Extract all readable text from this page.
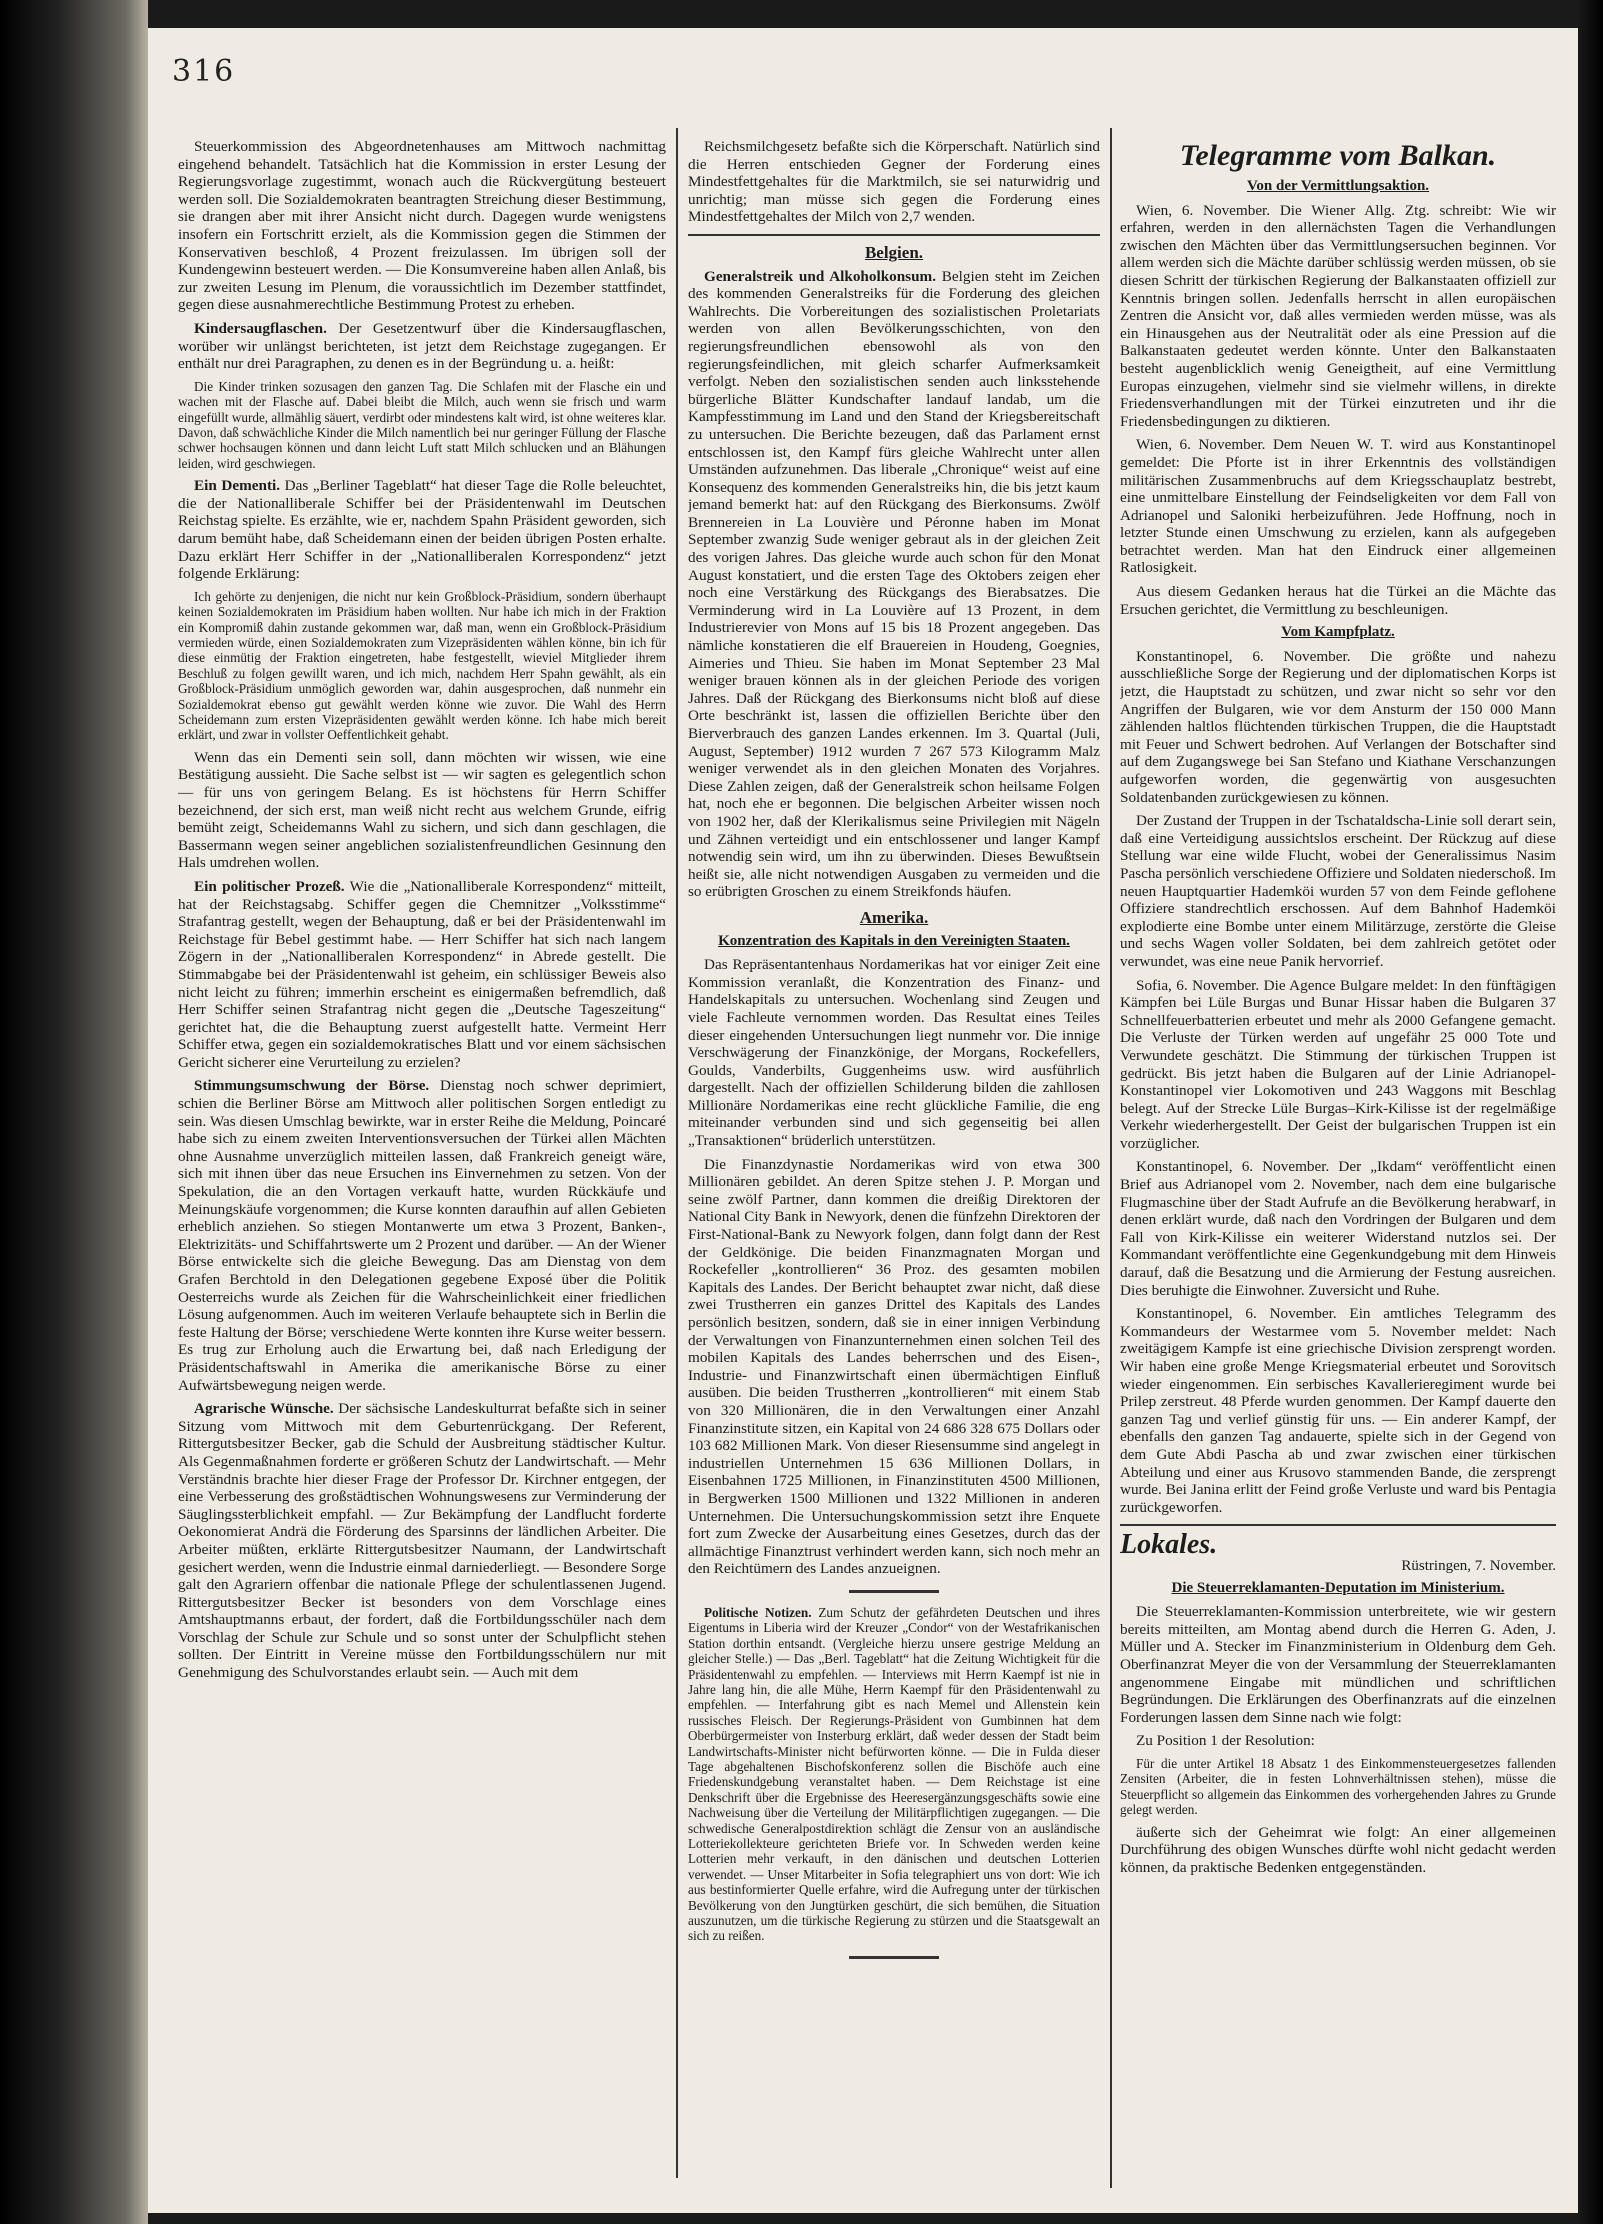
316

Steuerkommission des Abgeordnetenhauses am Mittwoch nachmittag eingehend behandelt. Tatsächlich hat die Kommission in erster Lesung der Regierungsvorlage zugestimmt, wonach auch die Rückvergütung besteuert werden soll. Die Sozialdemokraten beantragten Streichung dieser Bestimmung, sie drangen aber mit ihrer Ansicht nicht durch. Dagegen wurde wenigstens insofern ein Fortschritt erzielt, als die Kommission gegen die Stimmen der Konservativen beschloß, 4 Prozent freizulassen. Im übrigen soll der Kundengewinn besteuert werden. — Die Konsumvereine haben allen Anlaß, bis zur zweiten Lesung im Plenum, die voraussichtlich im Dezember stattfindet, gegen diese ausnahmerechtliche Bestimmung Protest zu erheben.

Kindersaugflaschen. Der Gesetzentwurf über die Kindersaugflaschen, worüber wir unlängst berichteten, ist jetzt dem Reichstage zugegangen. Er enthält nur drei Paragraphen, zu denen es in der Begründung u. a. heißt:

Die Kinder trinken sozusagen den ganzen Tag. Die Schlafen mit der Flasche ein und wachen mit der Flasche auf. Dabei bleibt die Milch, auch wenn sie frisch und warm eingefüllt wurde, allmählig säuert, verdirbt oder mindestens kalt wird, ist ohne weiteres klar. Davon, daß schwächliche Kinder die Milch namentlich bei nur geringer Füllung der Flasche schwer hochsaugen können und dann leicht Luft statt Milch schlucken und an Blähungen leiden, wird geschwiegen.

Ein Dementi. Das „Berliner Tageblatt“ hat dieser Tage die Rolle beleuchtet, die der Nationalliberale Schiffer bei der Präsidentenwahl im Deutschen Reichstag spielte. Es erzählte, wie er, nachdem Spahn Präsident geworden, sich darum bemüht habe, daß Scheidemann einen der beiden übrigen Posten erhalte. Dazu erklärt Herr Schiffer in der „Nationalliberalen Korrespondenz“ jetzt folgende Erklärung:

Ich gehörte zu denjenigen, die nicht nur kein Großblock-Präsidium, sondern überhaupt keinen Sozialdemokraten im Präsidium haben wollten. Nur habe ich mich in der Fraktion ein Kompromiß dahin zustande gekommen war, daß man, wenn ein Großblock-Präsidium vermieden würde, einen Sozialdemokraten zum Vizepräsidenten wählen könne, bin ich für diese einmütig der Fraktion eingetreten, habe festgestellt, wieviel Mitglieder ihrem Beschluß zu folgen gewillt waren, und ich mich, nachdem Herr Spahn gewählt, als ein Großblock-Präsidium unmöglich geworden war, dahin ausgesprochen, daß nunmehr ein Sozialdemokrat ebenso gut gewählt werden könne wie zuvor. Die Wahl des Herrn Scheidemann zum ersten Vizepräsidenten gewählt werden könne. Ich habe mich bereit erklärt, und zwar in vollster Oeffentlichkeit gehabt.

Wenn das ein Dementi sein soll, dann möchten wir wissen, wie eine Bestätigung aussieht. Die Sache selbst ist — wir sagten es gelegentlich schon — für uns von geringem Belang. Es ist höchstens für Herrn Schiffer bezeichnend, der sich erst, man weiß nicht recht aus welchem Grunde, eifrig bemüht zeigt, Scheidemanns Wahl zu sichern, und sich dann geschlagen, die Bassermann wegen seiner angeblichen sozialistenfreundlichen Gesinnung den Hals umdrehen wollen.

Ein politischer Prozeß. Wie die „Nationalliberale Korrespondenz“ mitteilt, hat der Reichstagsabg. Schiffer gegen die Chemnitzer „Volksstimme“ Strafantrag gestellt, wegen der Behauptung, daß er bei der Präsidentenwahl im Reichstage für Bebel gestimmt habe. — Herr Schiffer hat sich nach langem Zögern in der „Nationalliberalen Korrespondenz“ in Abrede gestellt. Die Stimmabgabe bei der Präsidentenwahl ist geheim, ein schlüssiger Beweis also nicht leicht zu führen; immerhin erscheint es einigermaßen befremdlich, daß Herr Schiffer seinen Strafantrag nicht gegen die „Deutsche Tageszeitung“ gerichtet hat, die die Behauptung zuerst aufgestellt hatte. Vermeint Herr Schiffer etwa, gegen ein sozialdemokratisches Blatt und vor einem sächsischen Gericht sicherer eine Verurteilung zu erzielen?

Stimmungsumschwung der Börse. Dienstag noch schwer deprimiert, schien die Berliner Börse am Mittwoch aller politischen Sorgen entledigt zu sein. Was diesen Umschlag bewirkte, war in erster Reihe die Meldung, Poincaré habe sich zu einem zweiten Interventionsversuchen der Türkei allen Mächten ohne Ausnahme unverzüglich mitteilen lassen, daß Frankreich geneigt wäre, sich mit ihnen über das neue Ersuchen ins Einvernehmen zu setzen. Von der Spekulation, die an den Vortagen verkauft hatte, wurden Rückkäufe und Meinungskäufe vorgenommen; die Kurse konnten daraufhin auf allen Gebieten erheblich anziehen. So stiegen Montanwerte um etwa 3 Prozent, Banken-, Elektrizitäts- und Schiffahrtswerte um 2 Prozent und darüber. — An der Wiener Börse entwickelte sich die gleiche Bewegung. Das am Dienstag von dem Grafen Berchtold in den Delegationen gegebene Exposé über die Politik Oesterreichs wurde als Zeichen für die Wahrscheinlichkeit einer friedlichen Lösung aufgenommen. Auch im weiteren Verlaufe behauptete sich in Berlin die feste Haltung der Börse; verschiedene Werte konnten ihre Kurse weiter bessern. Es trug zur Erholung auch die Erwartung bei, daß nach Erledigung der Präsidentschaftswahl in Amerika die amerikanische Börse zu einer Aufwärtsbewegung neigen werde.

Agrarische Wünsche. Der sächsische Landeskulturrat befaßte sich in seiner Sitzung vom Mittwoch mit dem Geburtenrückgang. Der Referent, Rittergutsbesitzer Becker, gab die Schuld der Ausbreitung städtischer Kultur. Als Gegenmaßnahmen forderte er größeren Schutz der Landwirtschaft. — Mehr Verständnis brachte hier dieser Frage der Professor Dr. Kirchner entgegen, der eine Verbesserung des großstädtischen Wohnungswesens zur Verminderung der Säuglingssterblichkeit empfahl. — Zur Bekämpfung der Landflucht forderte Oekonomierat Andrä die Förderung des Sparsinns der ländlichen Arbeiter. Die Arbeiter müßten, erklärte Rittergutsbesitzer Naumann, der Landwirtschaft gesichert werden, wenn die Industrie einmal darniederliegt. — Besondere Sorge galt den Agrariern offenbar die nationale Pflege der schulentlassenen Jugend. Rittergutsbesitzer Becker ist besonders von dem Vorschlage eines Amtshauptmanns erbaut, der fordert, daß die Fortbildungsschüler nach dem Vorschlag der Schule zur Schule und so sonst unter der Schulpflicht stehen sollten. Der Eintritt in Vereine müsse den Fortbildungsschülern nur mit Genehmigung des Schulvorstandes erlaubt sein. — Auch mit dem

Reichsmilchgesetz befaßte sich die Körperschaft. Natürlich sind die Herren entschieden Gegner der Forderung eines Mindestfettgehaltes für die Marktmilch, sie sei naturwidrig und unrichtig; man müsse sich gegen die Forderung eines Mindestfettgehaltes der Milch von 2,7 wenden.

Belgien.

Generalstreik und Alkoholkonsum. Belgien steht im Zeichen des kommenden Generalstreiks für die Forderung des gleichen Wahlrechts. Die Vorbereitungen des sozialistischen Proletariats werden von allen Bevölkerungsschichten, von den regierungsfreundlichen ebensowohl als von den regierungsfeindlichen, mit gleich scharfer Aufmerksamkeit verfolgt. Neben den sozialistischen senden auch linksstehende bürgerliche Blätter Kundschafter landauf landab, um die Kampfesstimmung im Land und den Stand der Kriegsbereitschaft zu untersuchen. Die Berichte bezeugen, daß das Parlament ernst entschlossen ist, den Kampf fürs gleiche Wahlrecht unter allen Umständen aufzunehmen. Das liberale „Chronique“ weist auf eine Konsequenz des kommenden Generalstreiks hin, die bis jetzt kaum jemand bemerkt hat: auf den Rückgang des Bierkonsums. Zwölf Brennereien in La Louvière und Péronne haben im Monat September zwanzig Sude weniger gebraut als in der gleichen Zeit des vorigen Jahres. Das gleiche wurde auch schon für den Monat August konstatiert, und die ersten Tage des Oktobers zeigen eher noch eine Verstärkung des Rückgangs des Bierabsatzes. Die Verminderung wird in La Louvière auf 13 Prozent, in dem Industrierevier von Mons auf 15 bis 18 Prozent angegeben. Das nämliche konstatieren die elf Brauereien in Houdeng, Goegnies, Aimeries und Thieu. Sie haben im Monat September 23 Mal weniger brauen können als in der gleichen Periode des vorigen Jahres. Daß der Rückgang des Bierkonsums nicht bloß auf diese Orte beschränkt ist, lassen die offiziellen Berichte über den Bierverbrauch des ganzen Landes erkennen. Im 3. Quartal (Juli, August, September) 1912 wurden 7 267 573 Kilogramm Malz weniger verwendet als in den gleichen Monaten des Vorjahres. Diese Zahlen zeigen, daß der Generalstreik schon heilsame Folgen hat, noch ehe er begonnen. Die belgischen Arbeiter wissen noch von 1902 her, daß der Klerikalismus seine Privilegien mit Nägeln und Zähnen verteidigt und ein entschlossener und langer Kampf notwendig sein wird, um ihn zu überwinden. Dieses Bewußtsein heißt sie, alle nicht notwendigen Ausgaben zu vermeiden und die so erübrigten Groschen zu einem Streikfonds häufen.

Amerika.
Konzentration des Kapitals in den Vereinigten Staaten.

Das Repräsentantenhaus Nordamerikas hat vor einiger Zeit eine Kommission veranlaßt, die Konzentration des Finanz- und Handelskapitals zu untersuchen. Wochenlang sind Zeugen und viele Fachleute vernommen worden. Das Resultat eines Teiles dieser eingehenden Untersuchungen liegt nunmehr vor. Die innige Verschwägerung der Finanzkönige, der Morgans, Rockefellers, Goulds, Vanderbilts, Guggenheims usw. wird ausführlich dargestellt. Nach der offiziellen Schilderung bilden die zahllosen Millionäre Nordamerikas eine recht glückliche Familie, die eng miteinander verbunden sind und sich gegenseitig bei allen „Transaktionen“ brüderlich unterstützen.

Die Finanzdynastie Nordamerikas wird von etwa 300 Millionären gebildet. An deren Spitze stehen J. P. Morgan und seine zwölf Partner, dann kommen die dreißig Direktoren der National City Bank in Newyork, denen die fünfzehn Direktoren der First-National-Bank zu Newyork folgen, dann folgt dann der Rest der Geldkönige. Die beiden Finanzmagnaten Morgan und Rockefeller „kontrollieren“ 36 Proz. des gesamten mobilen Kapitals des Landes. Der Bericht behauptet zwar nicht, daß diese zwei Trustherren ein ganzes Drittel des Kapitals des Landes persönlich besitzen, sondern, daß sie in einer innigen Verbindung der Verwaltungen von Finanzunternehmen einen solchen Teil des mobilen Kapitals des Landes beherrschen und des Eisen-, Industrie- und Finanzwirtschaft einen übermächtigen Einfluß ausüben. Die beiden Trustherren „kontrollieren“ mit einem Stab von 320 Millionären, die in den Verwaltungen einer Anzahl Finanzinstitute sitzen, ein Kapital von 24 686 328 675 Dollars oder 103 682 Millionen Mark. Von dieser Riesensumme sind angelegt in industriellen Unternehmen 15 636 Millionen Dollars, in Eisenbahnen 1725 Millionen, in Finanzinstituten 4500 Millionen, in Bergwerken 1500 Millionen und 1322 Millionen in anderen Unternehmen. Die Untersuchungskommission setzt ihre Enquete fort zum Zwecke der Ausarbeitung eines Gesetzes, durch das der allmächtige Finanztrust verhindert werden kann, sich noch mehr an den Reichtümern des Landes anzueignen.

Politische Notizen. Zum Schutz der gefährdeten Deutschen und ihres Eigentums in Liberia wird der Kreuzer „Condor“ von der Westafrikanischen Station dorthin entsandt. (Vergleiche hierzu unsere gestrige Meldung an gleicher Stelle.) — Das „Berl. Tageblatt“ hat die Zeitung Wichtigkeit für die Präsidentenwahl zu empfehlen. — Interviews mit Herrn Kaempf ist nie in Jahre lang hin, die alle Mühe, Herrn Kaempf für den Präsidentenwahl zu empfehlen. — Interfahrung gibt es nach Memel und Allenstein kein russisches Fleisch. Der Regierungs-Präsident von Gumbinnen hat dem Oberbürgermeister von Insterburg erklärt, daß weder dessen der Stadt beim Landwirtschafts-Minister nicht befürworten könne. — Die in Fulda dieser Tage abgehaltenen Bischofskonferenz sollen die Bischöfe auch eine Friedenskundgebung veranstaltet haben. — Dem Reichstage ist eine Denkschrift über die Ergebnisse des Heeresergänzungsgeschäfts sowie eine Nachweisung über die Verteilung der Militärpflichtigen zugegangen. — Die schwedische Generalpostdirektion schlägt die Zensur von an ausländische Lotteriekollekteure gerichteten Briefe vor. In Schweden werden keine Lotterien mehr verkauft, in den dänischen und deutschen Lotterien verwendet. — Unser Mitarbeiter in Sofia telegraphiert uns von dort: Wie ich aus bestinformierter Quelle erfahre, wird die Aufregung unter der türkischen Bevölkerung von den Jungtürken geschürt, die sich bemühen, die Situation auszunutzen, um die türkische Regierung zu stürzen und die Staatsgewalt an sich zu reißen.

Telegramme vom Balkan.
Von der Vermittlungsaktion.

Wien, 6. November. Die Wiener Allg. Ztg. schreibt: Wie wir erfahren, werden in den allernächsten Tagen die Verhandlungen zwischen den Mächten über das Vermittlungsersuchen beginnen. Vor allem werden sich die Mächte darüber schlüssig werden müssen, ob sie diesen Schritt der türkischen Regierung der Balkanstaaten offiziell zur Kenntnis bringen sollen. Jedenfalls herrscht in allen europäischen Zentren die Ansicht vor, daß alles vermieden werden müsse, was als ein Hinausgehen aus der Neutralität oder als eine Pression auf die Balkanstaaten gedeutet werden könnte. Unter den Balkanstaaten besteht augenblicklich wenig Geneigtheit, auf eine Vermittlung Europas einzugehen, vielmehr sind sie vielmehr willens, in direkte Friedensverhandlungen mit der Türkei einzutreten und ihr die Friedensbedingungen zu diktieren.

Wien, 6. November. Dem Neuen W. T. wird aus Konstantinopel gemeldet: Die Pforte ist in ihrer Erkenntnis des vollständigen militärischen Zusammenbruchs auf dem Kriegsschauplatz bestrebt, eine unmittelbare Einstellung der Feindseligkeiten vor dem Fall von Adrianopel und Saloniki herbeizuführen. Jede Hoffnung, noch in letzter Stunde einen Umschwung zu erzielen, kann als aufgegeben betrachtet werden. Man hat den Eindruck einer allgemeinen Ratlosigkeit.

Aus diesem Gedanken heraus hat die Türkei an die Mächte das Ersuchen gerichtet, die Vermittlung zu beschleunigen.

Vom Kampfplatz.

Konstantinopel, 6. November. Die größte und nahezu ausschließliche Sorge der Regierung und der diplomatischen Korps ist jetzt, die Hauptstadt zu schützen, und zwar nicht so sehr vor den Angriffen der Bulgaren, wie vor dem Ansturm der 150 000 Mann zählenden haltlos flüchtenden türkischen Truppen, die die Hauptstadt mit Feuer und Schwert bedrohen. Auf Verlangen der Botschafter sind auf dem Zugangswege bei San Stefano und Kiathane Verschanzungen aufgeworfen worden, die gegenwärtig von ausgesuchten Soldatenbanden zurückgewiesen zu können.

Der Zustand der Truppen in der Tschataldscha-Linie soll derart sein, daß eine Verteidigung aussichtslos erscheint. Der Rückzug auf diese Stellung war eine wilde Flucht, wobei der Generalissimus Nasim Pascha persönlich verschiedene Offiziere und Soldaten niederschoß. Im neuen Hauptquartier Hademköi wurden 57 von dem Feinde geflohene Offiziere standrechtlich erschossen. Auf dem Bahnhof Hademköi explodierte eine Bombe unter einem Militärzuge, zerstörte die Gleise und sechs Wagen voller Soldaten, bei dem zahlreich getötet oder verwundet, was eine neue Panik hervorrief.

Sofia, 6. November. Die Agence Bulgare meldet: In den fünftägigen Kämpfen bei Lüle Burgas und Bunar Hissar haben die Bulgaren 37 Schnellfeuerbatterien erbeutet und mehr als 2000 Gefangene gemacht. Die Verluste der Türken werden auf ungefähr 25 000 Tote und Verwundete geschätzt. Die Stimmung der türkischen Truppen ist gedrückt. Bis jetzt haben die Bulgaren auf der Linie Adrianopel-Konstantinopel vier Lokomotiven und 243 Waggons mit Beschlag belegt. Auf der Strecke Lüle Burgas–Kirk-Kilisse ist der regelmäßige Verkehr wiederhergestellt. Der Geist der bulgarischen Truppen ist ein vorzüglicher.

Konstantinopel, 6. November. Der „Ikdam“ veröffentlicht einen Brief aus Adrianopel vom 2. November, nach dem eine bulgarische Flugmaschine über der Stadt Aufrufe an die Bevölkerung herabwarf, in denen erklärt wurde, daß nach den Vordringen der Bulgaren und dem Fall von Kirk-Kilisse ein weiterer Widerstand nutzlos sei. Der Kommandant veröffentlichte eine Gegenkundgebung mit dem Hinweis darauf, daß die Besatzung und die Armierung der Festung ausreichen. Dies beruhigte die Einwohner. Zuversicht und Ruhe.

Konstantinopel, 6. November. Ein amtliches Telegramm des Kommandeurs der Westarmee vom 5. November meldet: Nach zweitägigem Kampfe ist eine griechische Division zersprengt worden. Wir haben eine große Menge Kriegsmaterial erbeutet und Sorovitsch wieder eingenommen. Ein serbisches Kavallerieregiment wurde bei Prilep zerstreut. 48 Pferde wurden genommen. Der Kampf dauerte den ganzen Tag und verlief günstig für uns. — Ein anderer Kampf, der ebenfalls den ganzen Tag andauerte, spielte sich in der Gegend von dem Gute Abdi Pascha ab und zwar zwischen einer türkischen Abteilung und einer aus Krusovo stammenden Bande, die zersprengt wurde. Bei Janina erlitt der Feind große Verluste und ward bis Pentagia zurückgeworfen.

Lokales.
Rüstringen, 7. November.
Die Steuerreklamanten-Deputation im Ministerium.

Die Steuerreklamanten-Kommission unterbreitete, wie wir gestern bereits mitteilten, am Montag abend durch die Herren G. Aden, J. Müller und A. Stecker im Finanzministerium in Oldenburg dem Geh. Oberfinanzrat Meyer die von der Versammlung der Steuerreklamanten angenommene Eingabe mit mündlichen und schriftlichen Begründungen. Die Erklärungen des Oberfinanzrats auf die einzelnen Forderungen lassen dem Sinne nach wie folgt:

Zu Position 1 der Resolution:

Für die unter Artikel 18 Absatz 1 des Einkommensteuergesetzes fallenden Zensiten (Arbeiter, die in festen Lohnverhältnissen stehen), müsse die Steuerpflicht so allgemein das Einkommen des vorhergehenden Jahres zu Grunde gelegt werden.

äußerte sich der Geheimrat wie folgt: An einer allgemeinen Durchführung des obigen Wunsches dürfte wohl nicht gedacht werden können, da praktische Bedenken entgegenständen.
